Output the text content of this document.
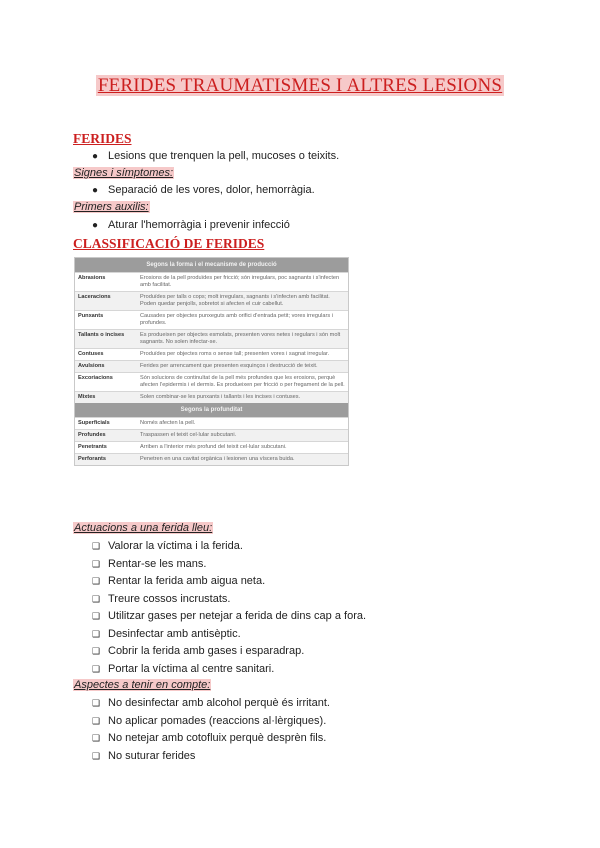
FERIDES TRAUMATISMES I ALTRES LESIONS
FERIDES
● Lesions que trenquen la pell, mucoses o teixits.
Signes i símptomes:
● Separació de les vores, dolor, hemorràgia.
Primers auxilis:
● Aturar l'hemorràgia i prevenir infecció
CLASSIFICACIÓ DE FERIDES
Segons la forma i el mecanisme de producció
Abrasions	Erosions de la pell produïdes per fricció; són irregulars, poc sagnants i s'infecten amb facilitat.
Laceracions	Produïdes per talls o cops; molt irregulars, sagnants i s'infecten amb facilitat. Poden quedar penjolls, sobretot si afecten el cuir cabellut.
Punxants	Causades per objectes punxeguts amb orifici d'entrada petit; vores irregulars i profundes.
Tallants o incises	Es produeixen per objectes esmolats, presenten vores netes i regulars i són molt sagnants. No solen infectar-se.
Contuses	Produïdes per objectes roms o sense tall; presenten vores i sagnat irregular.
Avulsions	Ferides per arrencament que presenten esquinços i destrucció de teixit.
Excoriacions	Són solucions de continuïtat de la pell més profundes que les erosions, perquè afecten l'epidermis i el dermis. Es produeixen per fricció o per fregament de la pell.
Mixtes	Solen combinar-se les punxants i tallants i les incises i contuses.
Segons la profunditat
Superficials	Només afecten la pell.
Profundes	Traspassen el teixit cel·lular subcutani.
Penetrants	Arriben a l'interior més profund del teixit cel·lular subcutani.
Perforants	Penetren en una cavitat orgànica i lesionen una víscera buida.
Actuacions a una ferida lleu:
❑ Valorar la víctima i la ferida.
❑ Rentar-se les mans.
❑ Rentar la ferida amb aigua neta.
❑ Treure cossos incrustats.
❑ Utilitzar gases per netejar a ferida de dins cap a fora.
❑ Desinfectar amb antisèptic.
❑ Cobrir la ferida amb gases i esparadrap.
❑ Portar la víctima al centre sanitari.
Aspectes a tenir en compte:
❑ No desinfectar amb alcohol perquè és irritant.
❑ No aplicar pomades (reaccions al·lèrgiques).
❑ No netejar amb cotofluix perquè desprèn fils.
❑ No suturar ferides
